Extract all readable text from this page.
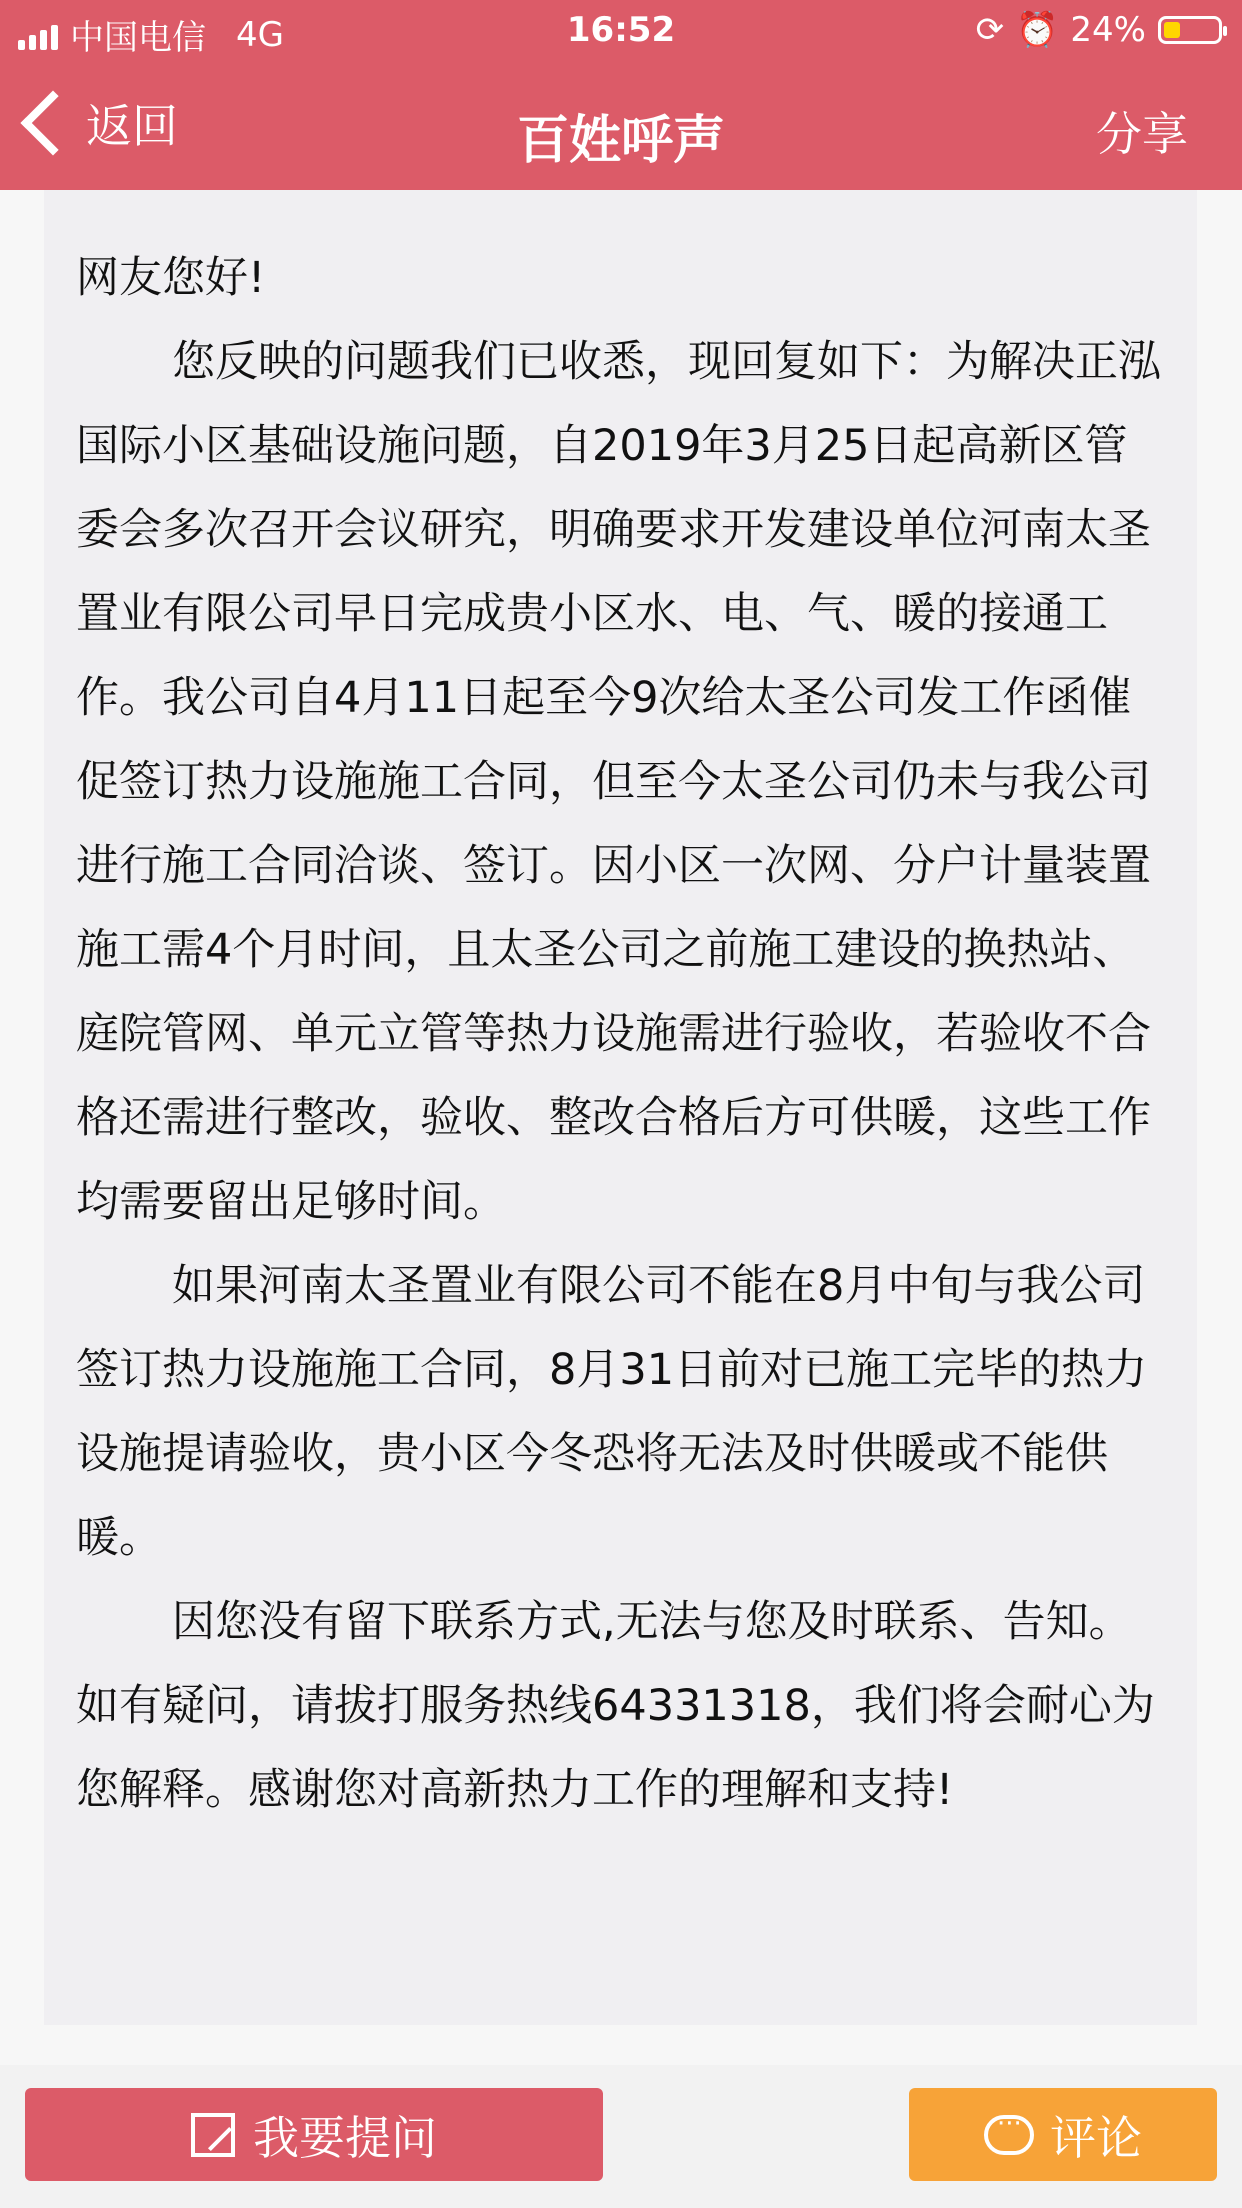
中国电信 4G	16:52	⟳ ⏰ 24%
返回	百姓呼声	分享

网友您好!

您反映的问题我们已收悉，现回复如下：为解决正泓国际小区基础设施问题，自2019年3月25日起高新区管委会多次召开会议研究，明确要求开发建设单位河南太圣置业有限公司早日完成贵小区水、电、气、暖的接通工作。我公司自4月11日起至今9次给太圣公司发工作函催促签订热力设施施工合同，但至今太圣公司仍未与我公司进行施工合同洽谈、签订。因小区一次网、分户计量装置施工需4个月时间，且太圣公司之前施工建设的换热站、庭院管网、单元立管等热力设施需进行验收，若验收不合格还需进行整改，验收、整改合格后方可供暖，这些工作均需要留出足够时间。

如果河南太圣置业有限公司不能在8月中旬与我公司签订热力设施施工合同，8月31日前对已施工完毕的热力设施提请验收，贵小区今冬恐将无法及时供暖或不能供暖。

因您没有留下联系方式,无法与您及时联系、告知。如有疑问，请拔打服务热线64331318，我们将会耐心为您解释。感谢您对高新热力工作的理解和支持!

我要提问
···	评论
